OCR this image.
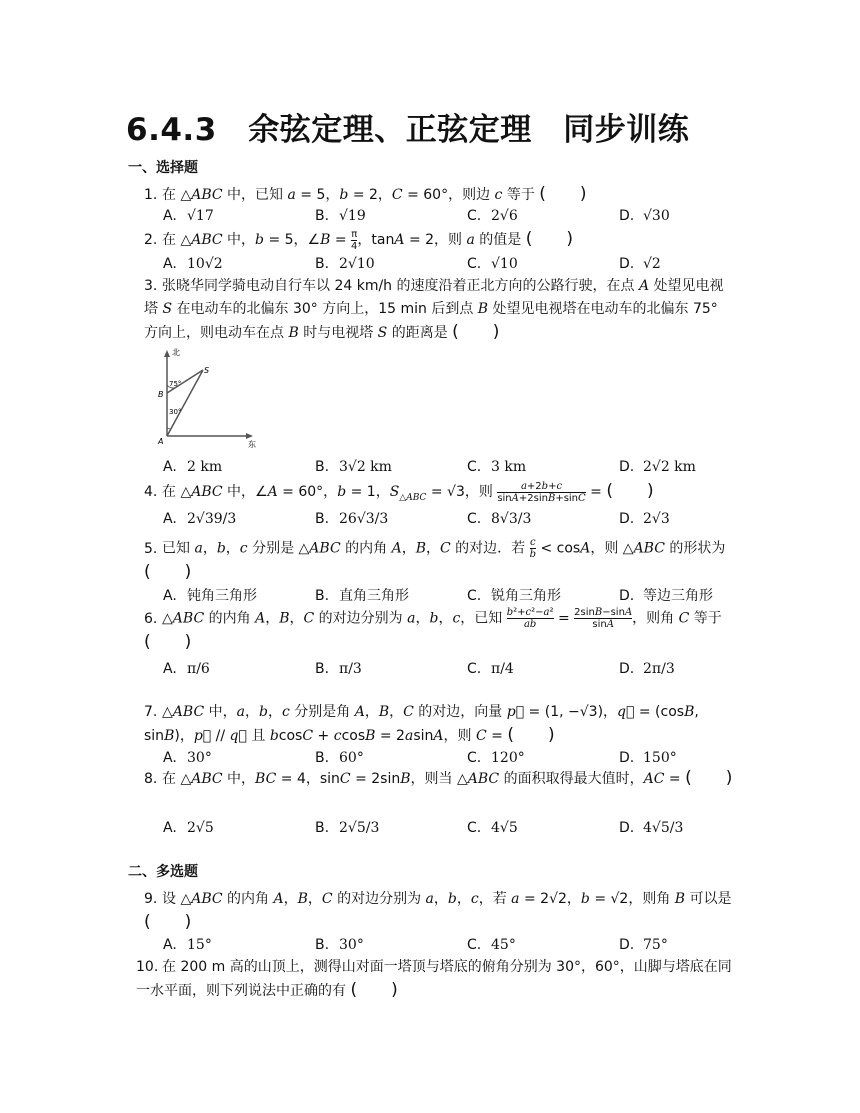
6.4.3　余弦定理、正弦定理　同步训练
一、选择题
1. 在 △ABC 中，已知 a = 5，b = 2，C = 60°，则边 c 等于 (　　)
A. √17	B. √19	C. 2√6	D. √30
2. 在 △ABC 中，b = 5，∠B = $\frac{\pi}{4}$ ，tanA = 2，则 a 的值是 (　　)
A. 10√2	B. 2√10	C. √10	D. √2
3. 张晓华同学骑电动自行车以 24 km/h 的速度沿着正北方向的公路行驶，在点 A 处望见电视塔 S 在电动车的北偏东 30° 方向上，15 min 后到点 B 处望见电视塔在电动车的北偏东 75° 方向上，则电动车在点 B 时与电视塔 S 的距离是 (　　)
北
东
A
B
S
75°
30°
A. 2 km	B. 3√2 km	C. 3 km	D. 2√2 km
4. 在 △ABC 中，∠A = 60°，b = 1，$S_{\triangle ABC} = √3$，则 $\frac{a+2b+c}{\sin A+2\sin B+\sin C}$ = (　　)
A. 2√39/3	B. 26√3/3	C. 8√3/3	D. 2√3
5. 已知 a，b，c 分别是 △ABC 的内角 A，B，C 的对边．若 $\frac{c}{b} < \cos A$，则 △ABC 的形状为 (　　)
A. 钝角三角形	B. 直角三角形	C. 锐角三角形	D. 等边三角形
6. △ABC 的内角 A，B，C 的对边分别为 a，b，c，已知 $\frac{\text{b²+c²−a²}}{ab} = \frac{2\sin B-\sin A}{\sin A}$ ，则角 C 等于 (　　)
A. π/6	B. π/3	C. π/4	D. 2π/3
7. △ABC 中，a，b，c 分别是角 A，B，C 的对边，向量 p⃗ = (1, −√3)，q⃗ = (cosB, sinB)，p⃗ // q⃗ 且 bcosC + ccosB = 2asinA，则 C = (　　)
A. 30°	B. 60°	C. 120°	D. 150°
8. 在 △ABC 中，BC = 4，sinC = 2sinB，则当 △ABC 的面积取得最大值时，AC = (　　)
A. 2√5	B. 2√5/3	C. 4√5	D. 4√5/3
二、多选题
9. 设 △ABC 的内角 A，B，C 的对边分别为 a，b，c，若 a = 2√2，b = √2，则角 B 可以是 (　　)
A. 15°	B. 30°	C. 45°	D. 75°
10. 在 200 m 高的山顶上，测得山对面一塔顶与塔底的俯角分别为 30°，60°，山脚与塔底在同一水平面，则下列说法中正确的有 (　　)
